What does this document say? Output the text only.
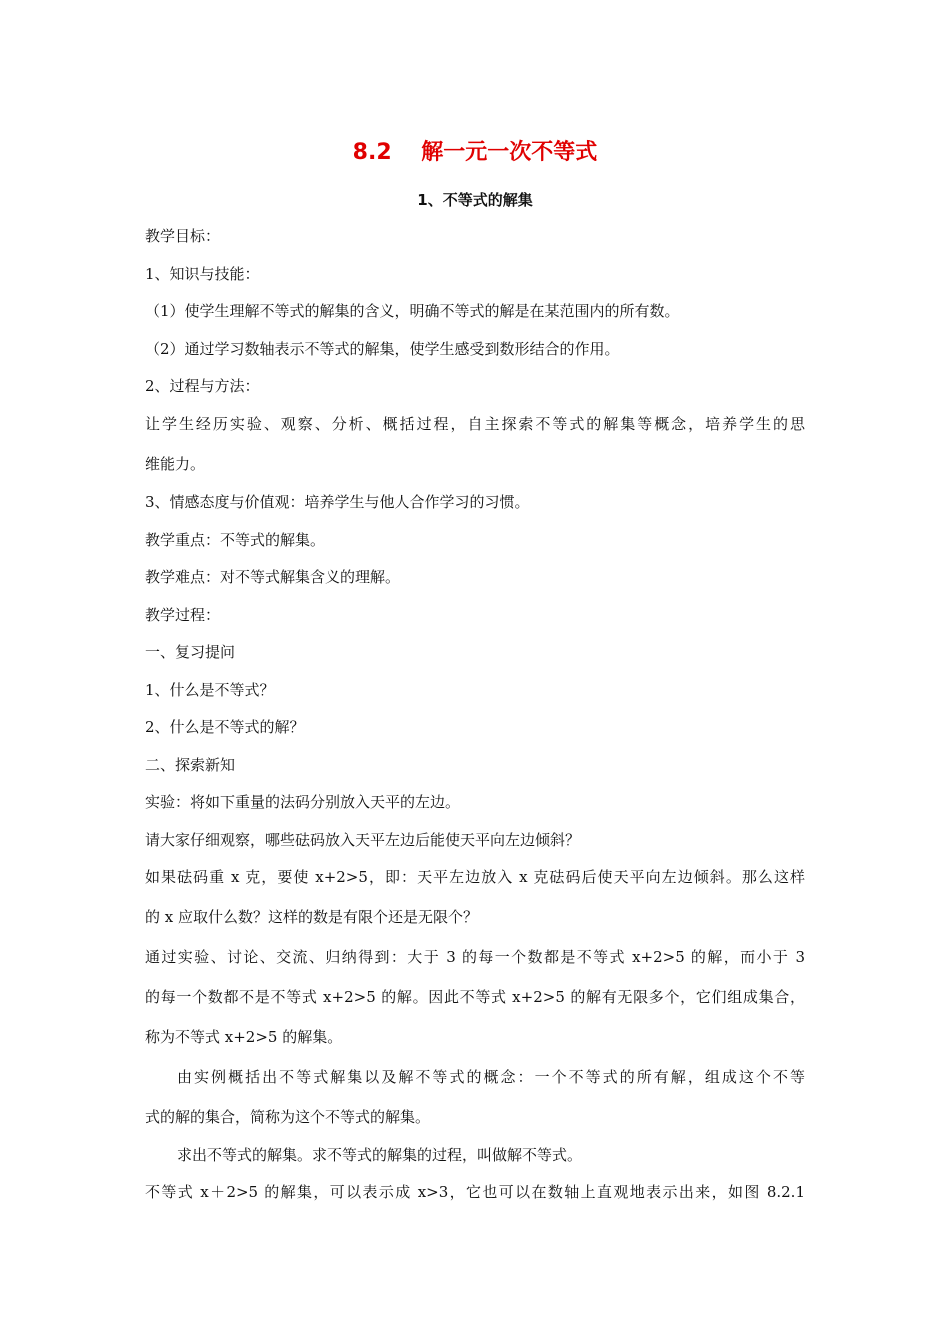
8.2　 解一元一次不等式
1、不等式的解集
教学目标：
1、知识与技能：
（1）使学生理解不等式的解集的含义，明确不等式的解是在某范围内的所有数。
（2）通过学习数轴表示不等式的解集，使学生感受到数形结合的作用。
2、过程与方法：
让学生经历实验、观察、分析、概括过程，自主探索不等式的解集等概念，培养学生的思
维能力。
3、情感态度与价值观：培养学生与他人合作学习的习惯。
教学重点：不等式的解集。
教学难点：对不等式解集含义的理解。
教学过程：
一、复习提问
1、什么是不等式？
2、什么是不等式的解？
二、探索新知
实验：将如下重量的法码分别放入天平的左边。
请大家仔细观察，哪些砝码放入天平左边后能使天平向左边倾斜？
如果砝码重 x 克，要使 x+2>5，即：天平左边放入 x 克砝码后使天平向左边倾斜。那么这样
的 x 应取什么数？这样的数是有限个还是无限个？
通过实验、讨论、交流、归纳得到：大于 3 的每一个数都是不等式 x+2>5 的解，而小于 3
的每一个数都不是不等式 x+2>5 的解。因此不等式 x+2>5 的解有无限多个，它们组成集合，
称为不等式 x+2>5 的解集。
由实例概括出不等式解集以及解不等式的概念：一个不等式的所有解，组成这个不等
式的解的集合，简称为这个不等式的解集。
求出不等式的解集。求不等式的解集的过程，叫做解不等式。
不等式 x＋2>5 的解集，可以表示成 x>3，它也可以在数轴上直观地表示出来，如图 8.2.1
